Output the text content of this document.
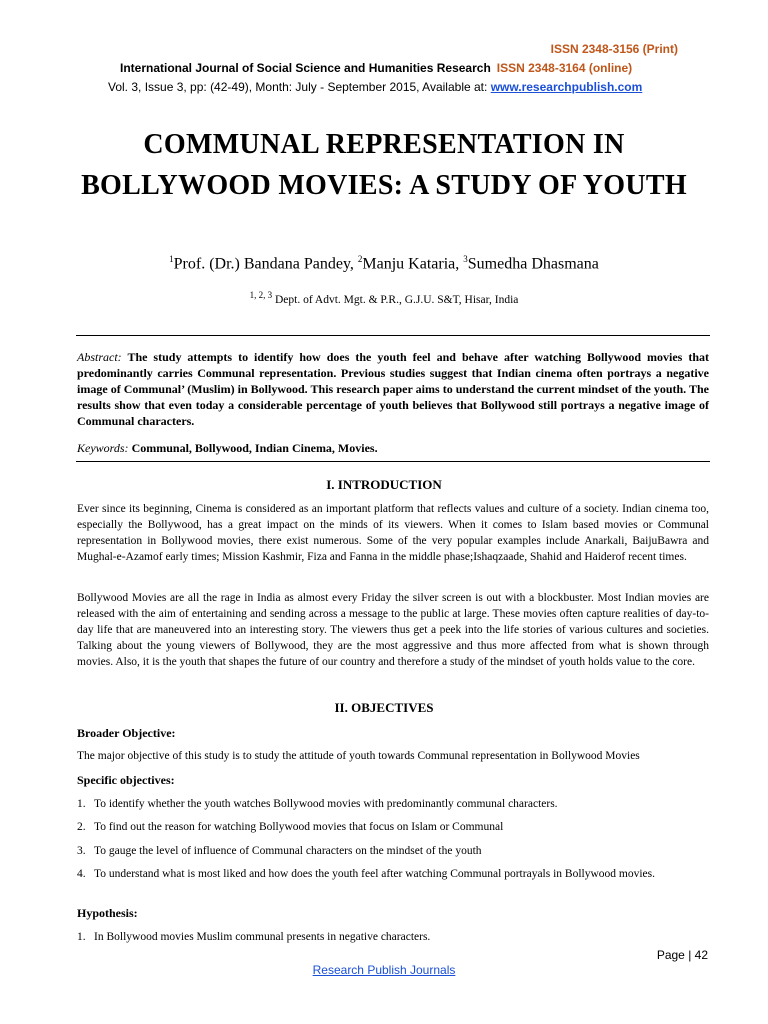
ISSN 2348-3156 (Print)
International Journal of Social Science and Humanities Research ISSN 2348-3164 (online)
Vol. 3, Issue 3, pp: (42-49), Month: July - September 2015, Available at: www.researchpublish.com
COMMUNAL REPRESENTATION IN BOLLYWOOD MOVIES: A STUDY OF YOUTH
$^1$Prof. (Dr.) Bandana Pandey, $^2$Manju Kataria, $^3$Sumedha Dhasmana
$^{1, 2, 3}$ Dept. of Advt. Mgt. & P.R., G.J.U. S&T, Hisar, India
Abstract: The study attempts to identify how does the youth feel and behave after watching Bollywood movies that predominantly carries Communal representation. Previous studies suggest that Indian cinema often portrays a negative image of Communal’ (Muslim) in Bollywood. This research paper aims to understand the current mindset of the youth. The results show that even today a considerable percentage of youth believes that Bollywood still portrays a negative image of Communal characters.
Keywords: Communal, Bollywood, Indian Cinema, Movies.
I. INTRODUCTION
Ever since its beginning, Cinema is considered as an important platform that reflects values and culture of a society. Indian cinema too, especially the Bollywood, has a great impact on the minds of its viewers. When it comes to Islam based movies or Communal representation in Bollywood movies, there exist numerous. Some of the very popular examples include Anarkali, BaijuBawra and Mughal-e-Azamof early times; Mission Kashmir, Fiza and Fanna in the middle phase;Ishaqzaade, Shahid and Haiderof recent times.
Bollywood Movies are all the rage in India as almost every Friday the silver screen is out with a blockbuster. Most Indian movies are released with the aim of entertaining and sending across a message to the public at large. These movies often capture realities of day-to-day life that are maneuvered into an interesting story. The viewers thus get a peek into the life stories of various cultures and societies. Talking about the young viewers of Bollywood, they are the most aggressive and thus more affected from what is shown through movies. Also, it is the youth that shapes the future of our country and therefore a study of the mindset of youth holds value to the core.
II. OBJECTIVES
Broader Objective:
The major objective of this study is to study the attitude of youth towards Communal representation in Bollywood Movies
Specific objectives:
1. To identify whether the youth watches Bollywood movies with predominantly communal characters.
2. To find out the reason for watching Bollywood movies that focus on Islam or Communal
3. To gauge the level of influence of Communal characters on the mindset of the youth
4. To understand what is most liked and how does the youth feel after watching Communal portrayals in Bollywood movies.
Hypothesis:
1. In Bollywood movies Muslim communal presents in negative characters.
Page | 42
Research Publish Journals
